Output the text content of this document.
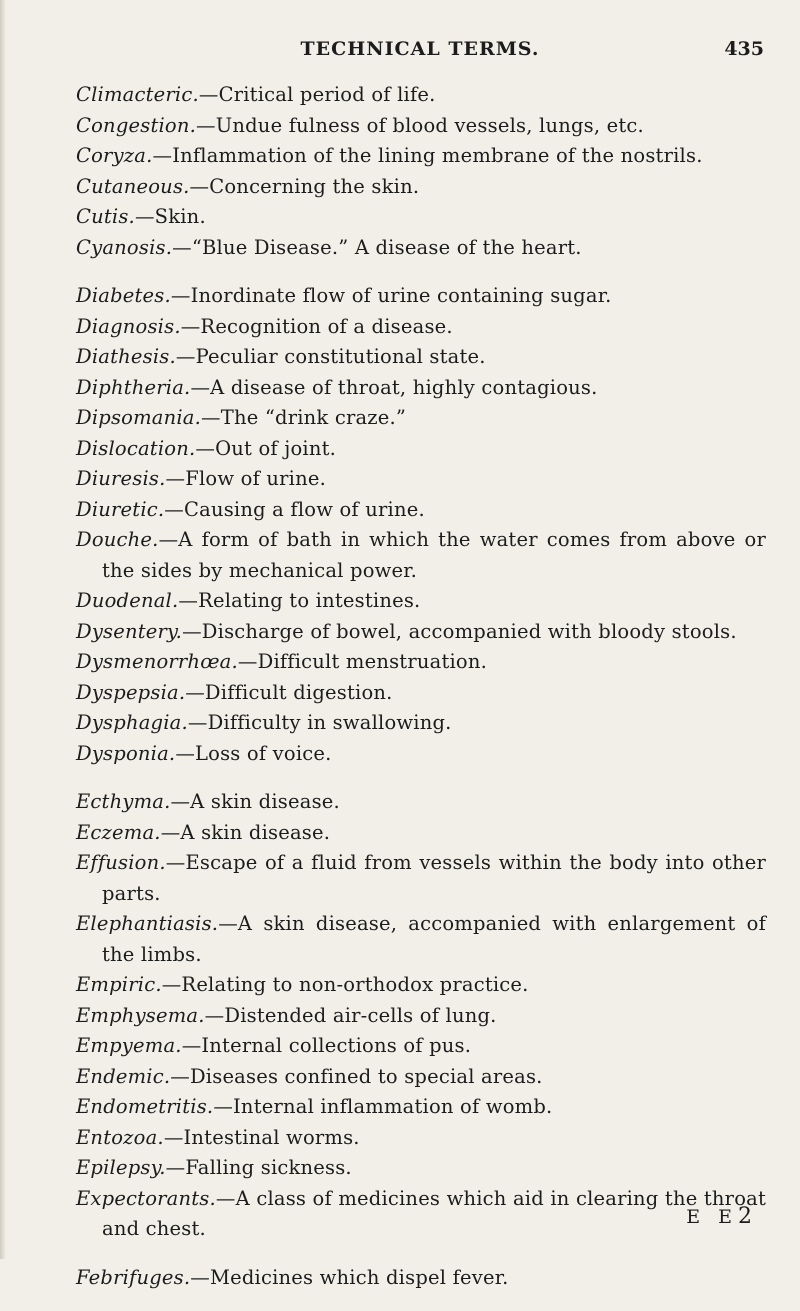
TECHNICAL TERMS.	435
Climacteric.—Critical period of life.
Congestion.—Undue fulness of blood vessels, lungs, etc.
Coryza.—Inflammation of the lining membrane of the nostrils.
Cutaneous.—Concerning the skin.
Cutis.—Skin.
Cyanosis.—“Blue Disease.” A disease of the heart.
Diabetes.—Inordinate flow of urine containing sugar.
Diagnosis.—Recognition of a disease.
Diathesis.—Peculiar constitutional state.
Diphtheria.—A disease of throat, highly contagious.
Dipsomania.—The “drink craze.”
Dislocation.—Out of joint.
Diuresis.—Flow of urine.
Diuretic.—Causing a flow of urine.
Douche.—A form of bath in which the water comes from above or the sides by mechanical power.
Duodenal.—Relating to intestines.
Dysentery.—Discharge of bowel, accompanied with bloody stools.
Dysmenorrhœa.—Difficult menstruation.
Dyspepsia.—Difficult digestion.
Dysphagia.—Difficulty in swallowing.
Dysponia.—Loss of voice.
Ecthyma.—A skin disease.
Eczema.—A skin disease.
Effusion.—Escape of a fluid from vessels within the body into other parts.
Elephantiasis.—A skin disease, accompanied with enlargement of the limbs.
Empiric.—Relating to non-orthodox practice.
Emphysema.—Distended air-cells of lung.
Empyema.—Internal collections of pus.
Endemic.—Diseases confined to special areas.
Endometritis.—Internal inflammation of womb.
Entozoa.—Intestinal worms.
Epilepsy.—Falling sickness.
Expectorants.—A class of medicines which aid in clearing the throat and chest.
Febrifuges.—Medicines which dispel fever.
E E2
